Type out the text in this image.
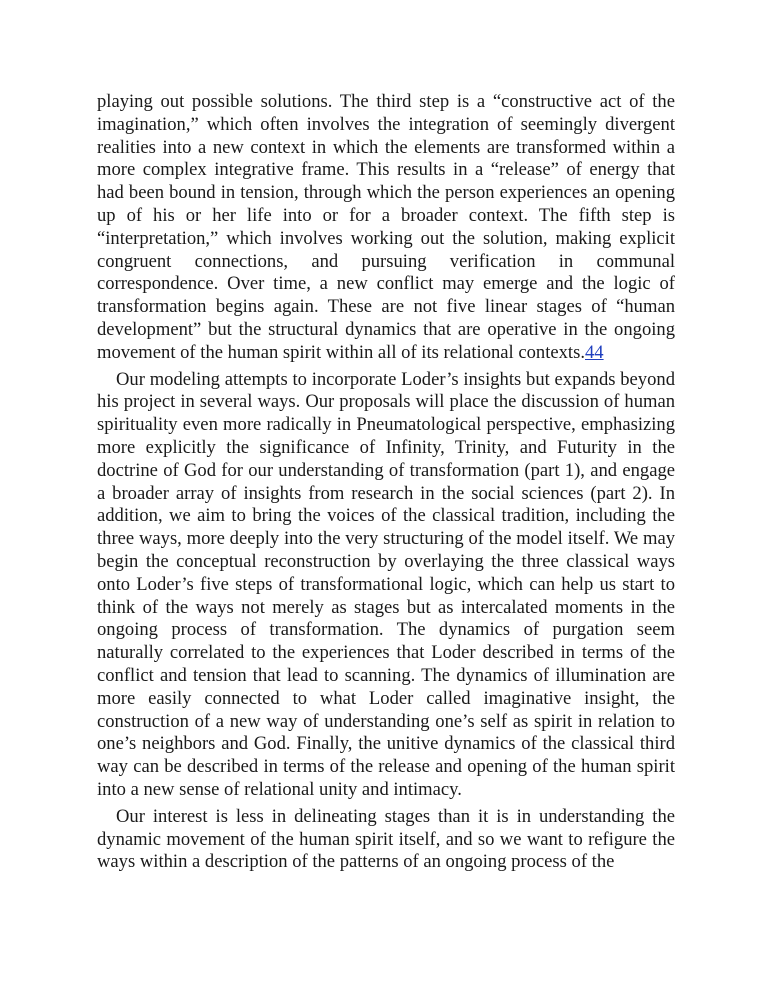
playing out possible solutions. The third step is a “constructive act of the imagination,” which often involves the integration of seemingly divergent realities into a new context in which the elements are transformed within a more complex integrative frame. This results in a “release” of energy that had been bound in tension, through which the person experiences an opening up of his or her life into or for a broader context. The fifth step is “interpretation,” which involves working out the solution, making explicit congruent connections, and pursuing verification in communal correspondence. Over time, a new conflict may emerge and the logic of transformation begins again. These are not five linear stages of “human development” but the structural dynamics that are operative in the ongoing movement of the human spirit within all of its relational contexts.44

Our modeling attempts to incorporate Loder’s insights but expands beyond his project in several ways. Our proposals will place the discussion of human spirituality even more radically in Pneumatological perspective, emphasizing more explicitly the significance of Infinity, Trinity, and Futurity in the doctrine of God for our understanding of transformation (part 1), and engage a broader array of insights from research in the social sciences (part 2). In addition, we aim to bring the voices of the classical tradition, including the three ways, more deeply into the very structuring of the model itself. We may begin the conceptual reconstruction by overlaying the three classical ways onto Loder’s five steps of transformational logic, which can help us start to think of the ways not merely as stages but as intercalated moments in the ongoing process of transformation. The dynamics of purgation seem naturally correlated to the experiences that Loder described in terms of the conflict and tension that lead to scanning. The dynamics of illumination are more easily connected to what Loder called imaginative insight, the construction of a new way of understanding one’s self as spirit in relation to one’s neighbors and God. Finally, the unitive dynamics of the classical third way can be described in terms of the release and opening of the human spirit into a new sense of relational unity and intimacy.

Our interest is less in delineating stages than it is in understanding the dynamic movement of the human spirit itself, and so we want to refigure the ways within a description of the patterns of an ongoing process of the
